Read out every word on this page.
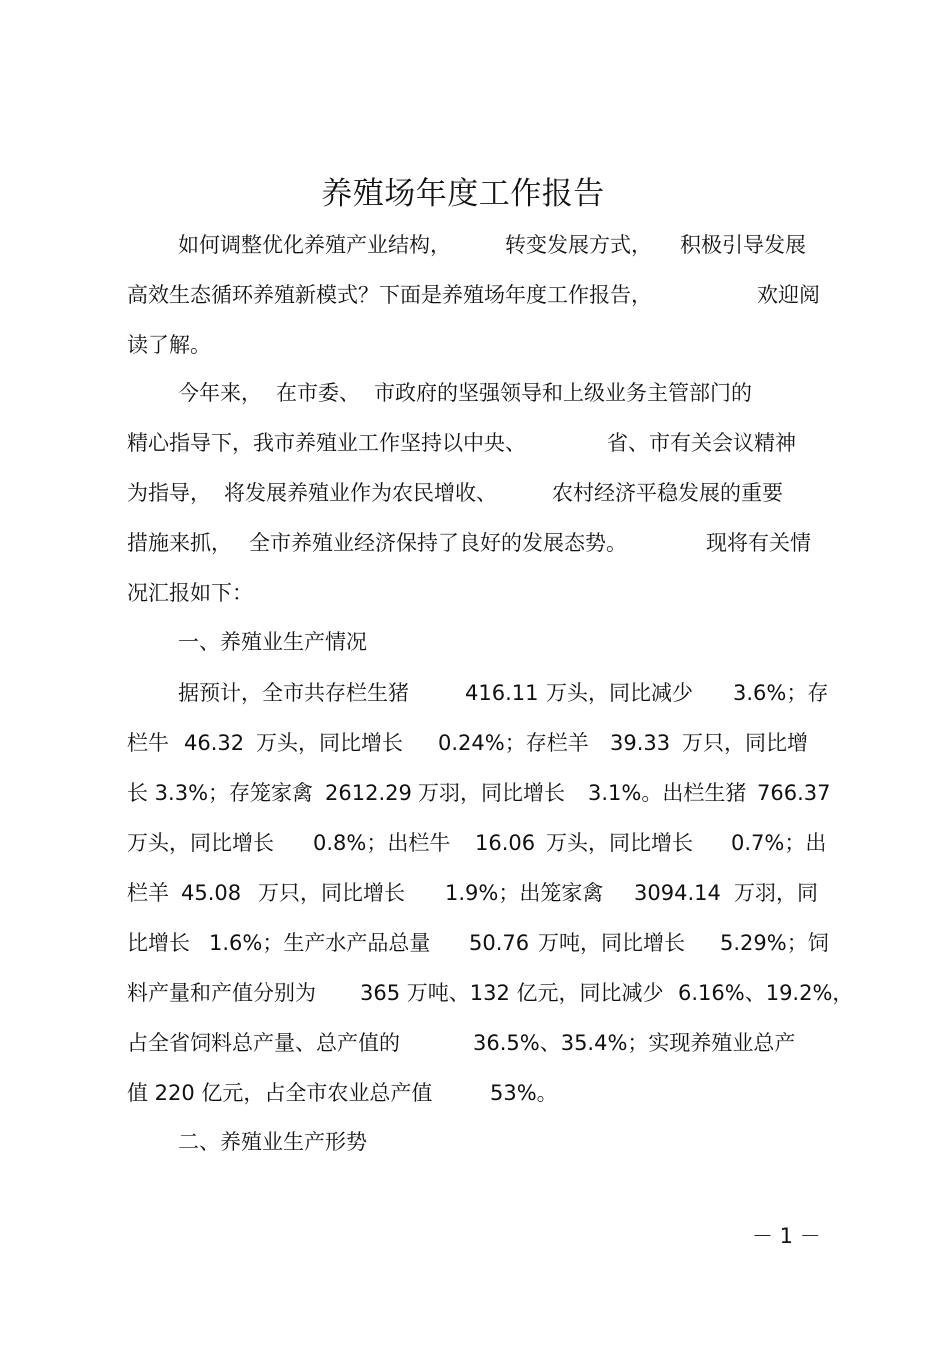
养殖场年度工作报告

如何调整优化养殖产业结构，

	转变发展方式，

积极引导发展

高效生态循环养殖新模式？下面是养殖场年度工作报告，

	欢迎阅

读了解。

今年来，

在市委、

市政府的坚强领导和上级业务主管部门的

精心指导下，我市养殖业工作坚持以中央、

	省、市有关会议精神

为指导，

将发展养殖业作为农民增收、

	农村经济平稳发展的重要

措施来抓，

全市养殖业经济保持了良好的发展态势。

	现将有关情

况汇报如下：

一、养殖业生产情况

据预计，全市共存栏生猪

	416.11

万头，同比减少

3.6%；存

栏牛

46.32

万头，同比增长

0.24%；存栏羊

39.33

万只，同比增

长 3.3%；存笼家禽

2612.29

万羽，同比增长

3.1%。出栏生猪

766.37

万头，同比增长

0.8%；出栏牛

16.06

万头，同比增长

0.7%；出

栏羊

45.08

万只，同比增长

1.9%；出笼家禽

3094.14

万羽，同

比增长

1.6%；生产水产品总量

50.76

万吨，同比增长

5.29%；饲

料产量和产值分别为

365 万吨、132 亿元，同比减少

6.16%、19.2%，

占全省饲料总产量、总产值的

	36.5%、35.4%；实现养殖业总产

值 220 亿元，占全市农业总产值

	53%。

二、养殖业生产形势

－ 1 －
